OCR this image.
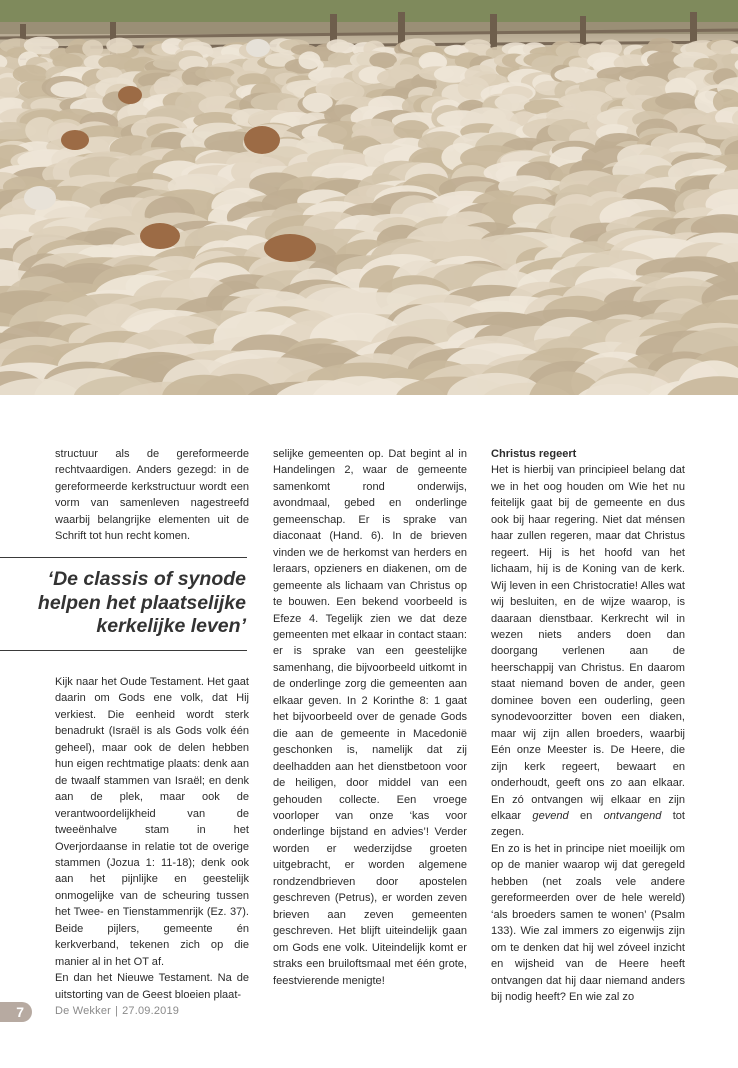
structuur als de gereformeerde rechtvaardigen. Anders gezegd: in de gereformeerde kerkstructuur wordt een vorm van samenleven nagestreefd waarbij belangrijke elementen uit de Schrift tot hun recht komen.

Kijk naar het Oude Testament. Het gaat daarin om Gods ene volk, dat Hij verkiest. Die eenheid wordt sterk benadrukt (Israël is als Gods volk één geheel), maar ook de delen hebben hun eigen rechtmatige plaats: denk aan de twaalf stammen van Israël; en denk aan de plek, maar ook de verantwoordelijkheid van de tweeënhalve stam in het Overjordaanse in relatie tot de overige stammen (Jozua 1: 11-18); denk ook aan het pijnlijke en geestelijk onmogelijke van de scheuring tussen het Twee- en Tienstammenrijk (Ez. 37). Beide pijlers, gemeente én kerkverband, tekenen zich op die manier al in het OT af.

En dan het Nieuwe Testament. Na de uitstorting van de Geest bloeien plaat-

‘De classis of synode helpen het plaatselijke kerkelijke leven’

selijke gemeenten op. Dat begint al in Handelingen 2, waar de gemeente samenkomt rond onderwijs, avondmaal, gebed en onderlinge gemeenschap. Er is sprake van diaconaat (Hand. 6). In de brieven vinden we de herkomst van herders en leraars, opzieners en diakenen, om de gemeente als lichaam van Christus op te bouwen. Een bekend voorbeeld is Efeze 4. Tegelijk zien we dat deze gemeenten met elkaar in contact staan: er is sprake van een geestelijke samenhang, die bijvoorbeeld uitkomt in de onderlinge zorg die gemeenten aan elkaar geven. In 2 Korinthe 8: 1 gaat het bijvoorbeeld over de genade Gods die aan de gemeente in Macedonië geschonken is, namelijk dat zij deelhadden aan het dienstbetoon voor de heiligen, door middel van een gehouden collecte. Een vroege voorloper van onze ‘kas voor onderlinge bijstand en advies’! Verder worden er wederzijdse groeten uitgebracht, er worden algemene rondzendbrieven door apostelen geschreven (Petrus), er worden zeven brieven aan zeven gemeenten geschreven. Het blijft uiteindelijk gaan om Gods ene volk. Uiteindelijk komt er straks een bruiloftsmaal met één grote, feestvierende menigte!

Christus regeert

Het is hierbij van principieel belang dat we in het oog houden om Wie het nu feitelijk gaat bij de gemeente en dus ook bij haar regering. Niet dat ménsen haar zullen regeren, maar dat Christus regeert. Hij is het hoofd van het lichaam, hij is de Koning van de kerk. Wij leven in een Christocratie! Alles wat wij besluiten, en de wijze waarop, is daaraan dienstbaar. Kerkrecht wil in wezen niets anders doen dan doorgang verlenen aan de heerschappij van Christus. En daarom staat niemand boven de ander, geen dominee boven een ouderling, geen synodevoorzitter boven een diaken, maar wij zijn allen broeders, waarbij Eén onze Meester is. De Heere, die zijn kerk regeert, bewaart en onderhoudt, geeft ons zo aan elkaar. En zó ontvangen wij elkaar en zijn elkaar gevend en ontvangend tot zegen.

En zo is het in principe niet moeilijk om op de manier waarop wij dat geregeld hebben (net zoals vele andere gereformeerden over de hele wereld) ‘als broeders samen te wonen’ (Psalm 133). Wie zal immers zo eigenwijs zijn om te denken dat hij wel zóveel inzicht en wijsheid van de Heere heeft ontvangen dat hij daar niemand anders bij nodig heeft? En wie zal zo

7	De Wekker | 27.09.2019
